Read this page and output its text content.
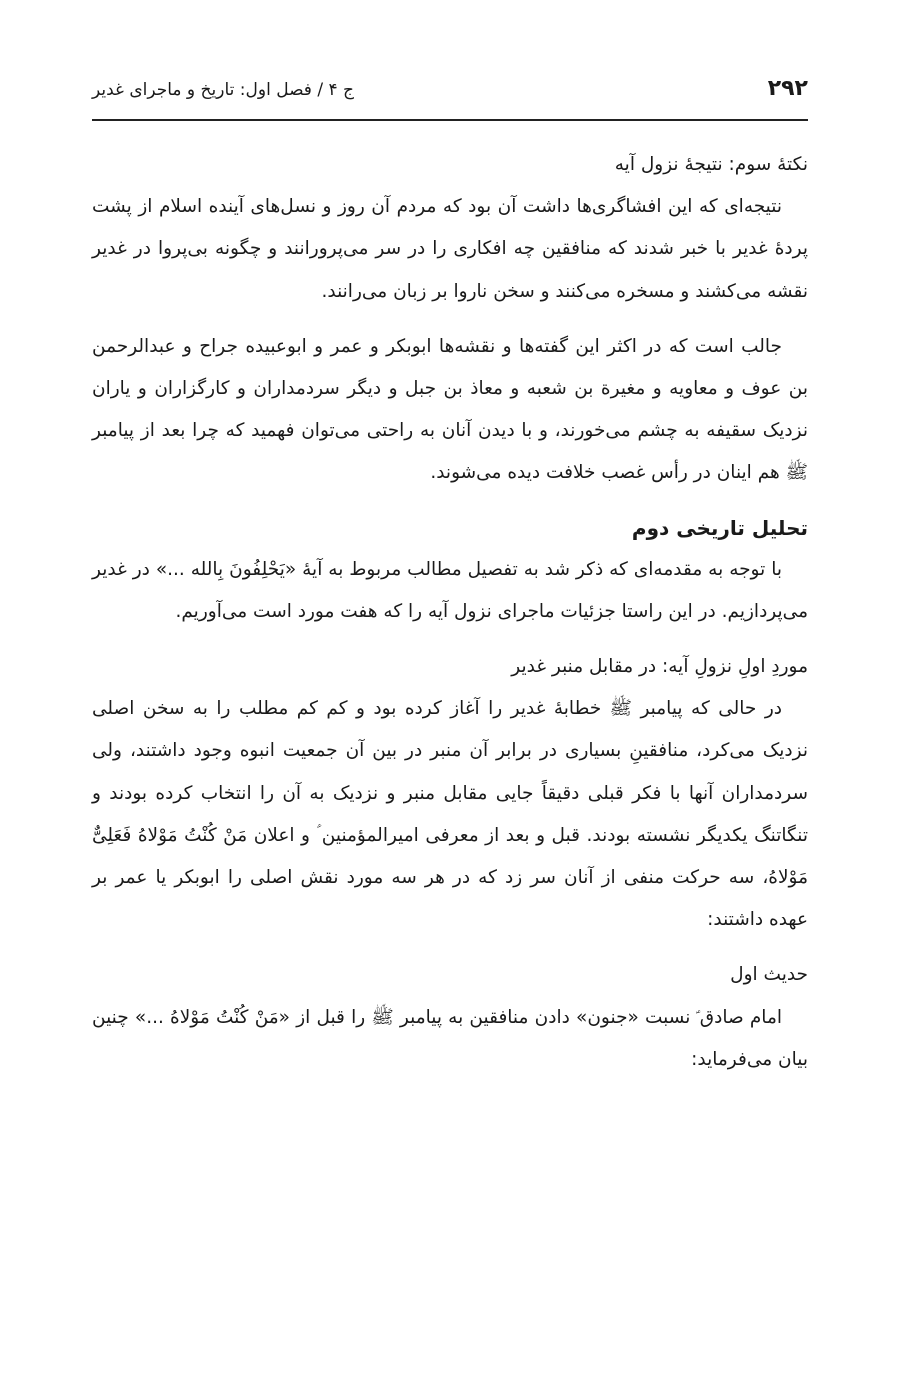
۲۹۲
ج ۴ / فصل اول: تاریخ و ماجرای غدیر

نکتۀ سوم: نتیجۀ نزول آیه

نتیجه‌ای که این افشاگری‌ها داشت آن بود که مردم آن روز و نسل‌های آینده اسلام از پشت پردۀ غدیر با خبر شدند که منافقین چه افکاری را در سر می‌پرورانند و چگونه بی‌پروا در غدیر نقشه می‌کشند و مسخره می‌کنند و سخن ناروا بر زبان می‌رانند.

جالب است که در اکثر این گفته‌ها و نقشه‌ها ابوبکر و عمر و ابوعبیده جراح و عبدالرحمن بن عوف و معاویه و مغیرة بن شعبه و معاذ بن جبل و دیگر سردمداران و کارگزاران و یاران نزدیک سقیفه به چشم می‌خورند، و با دیدن آنان به راحتی می‌توان فهمید که چرا بعد از پیامبر ﷺ هم اینان در رأس غصب خلافت دیده می‌شوند.

تحلیل تاریخی دوم

با توجه به مقدمه‌ای که ذکر شد به تفصیل مطالب مربوط به آیۀ «یَحْلِفُونَ بِالله ...» در غدیر می‌پردازیم. در این راستا جزئیات ماجرای نزول آیه را که هفت مورد است می‌آوریم.

موردِ اولِ نزولِ آیه: در مقابل منبر غدیر

در حالی که پیامبر ﷺ خطابۀ غدیر را آغاز کرده بود و کم کم مطلب را به سخن اصلی نزدیک می‌کرد، منافقینِ بسیاری در برابر آن منبر در بین آن جمعیت انبوه وجود داشتند، ولی سردمداران آنها با فکر قبلی دقیقاً جایی مقابل منبر و نزدیک به آن را انتخاب کرده بودند و تنگاتنگ یکدیگر نشسته بودند. قبل و بعد از معرفی امیرالمؤمنین ؑ و اعلان مَنْ کُنْتُ مَوْلاهُ فَعَلِیٌّ مَوْلاهُ، سه حرکت منفی از آنان سر زد که در هر سه مورد نقش اصلی را ابوبکر یا عمر بر عهده داشتند:

حدیث اول

امام صادق ؑ نسبت «جنون» دادن منافقین به پیامبر ﷺ را قبل از «مَنْ کُنْتُ مَوْلاهُ ...» چنین بیان می‌فرماید:
